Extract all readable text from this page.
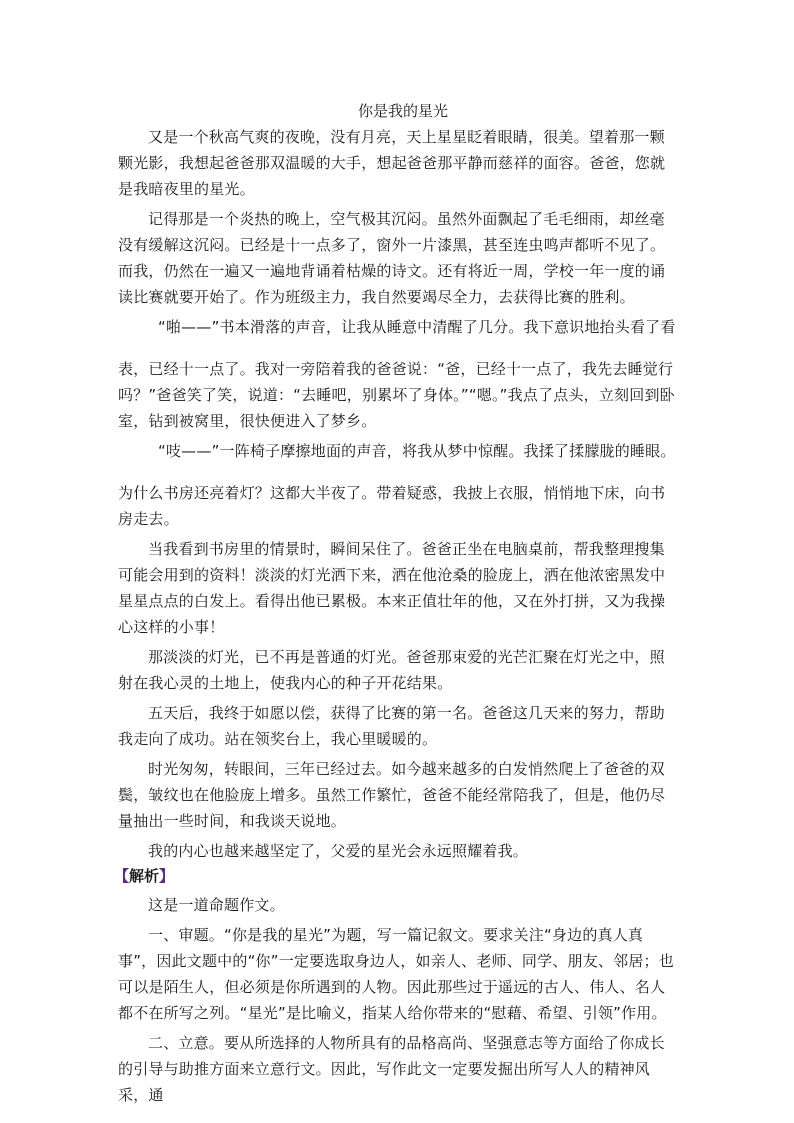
你是我的星光

又是一个秋高气爽的夜晚，没有月亮，天上星星眨着眼睛，很美。望着那一颗颗光影，我想起爸爸那双温暖的大手，想起爸爸那平静而慈祥的面容。爸爸，您就是我暗夜里的星光。

记得那是一个炎热的晚上，空气极其沉闷。虽然外面飘起了毛毛细雨，却丝毫没有缓解这沉闷。已经是十一点多了，窗外一片漆黑，甚至连虫鸣声都听不见了。而我，仍然在一遍又一遍地背诵着枯燥的诗文。还有将近一周，学校一年一度的诵读比赛就要开始了。作为班级主力，我自然要竭尽全力，去获得比赛的胜利。

“啪——”书本滑落的声音，让我从睡意中清醒了几分。我下意识地抬头看了看

表，已经十一点了。我对一旁陪着我的爸爸说：“爸，已经十一点了，我先去睡觉行吗？”爸爸笑了笑，说道：“去睡吧，别累坏了身体。”“嗯。”我点了点头，立刻回到卧室，钻到被窝里，很快便进入了梦乡。

“吱——”一阵椅子摩擦地面的声音，将我从梦中惊醒。我揉了揉朦胧的睡眼。

为什么书房还亮着灯？这都大半夜了。带着疑惑，我披上衣服，悄悄地下床，向书房走去。

当我看到书房里的情景时，瞬间呆住了。爸爸正坐在电脑桌前，帮我整理搜集可能会用到的资料！淡淡的灯光洒下来，洒在他沧桑的脸庞上，洒在他浓密黑发中星星点点的白发上。看得出他已累极。本来正值壮年的他，又在外打拼，又为我操心这样的小事！

那淡淡的灯光，已不再是普通的灯光。爸爸那束爱的光芒汇聚在灯光之中，照射在我心灵的土地上，使我内心的种子开花结果。

五天后，我终于如愿以偿，获得了比赛的第一名。爸爸这几天来的努力，帮助我走向了成功。站在领奖台上，我心里暖暖的。

时光匆匆，转眼间，三年已经过去。如今越来越多的白发悄然爬上了爸爸的双鬓，皱纹也在他脸庞上增多。虽然工作繁忙，爸爸不能经常陪我了，但是，他仍尽量抽出一些时间，和我谈天说地。

我的内心也越来越坚定了，父爱的星光会永远照耀着我。

【解析】

这是一道命题作文。

一、审题。“你是我的星光”为题，写一篇记叙文。要求关注“身边的真人真事”，因此文题中的“你”一定要选取身边人，如亲人、老师、同学、朋友、邻居；也可以是陌生人，但必须是你所遇到的人物。因此那些过于遥远的古人、伟人、名人都不在所写之列。“星光”是比喻义，指某人给你带来的“慰藉、希望、引领”作用。

二、立意。要从所选择的人物所具有的品格高尚、坚强意志等方面给了你成长的引导与助推方面来立意行文。因此，写作此文一定要发掘出所写人人的精神风采，通
